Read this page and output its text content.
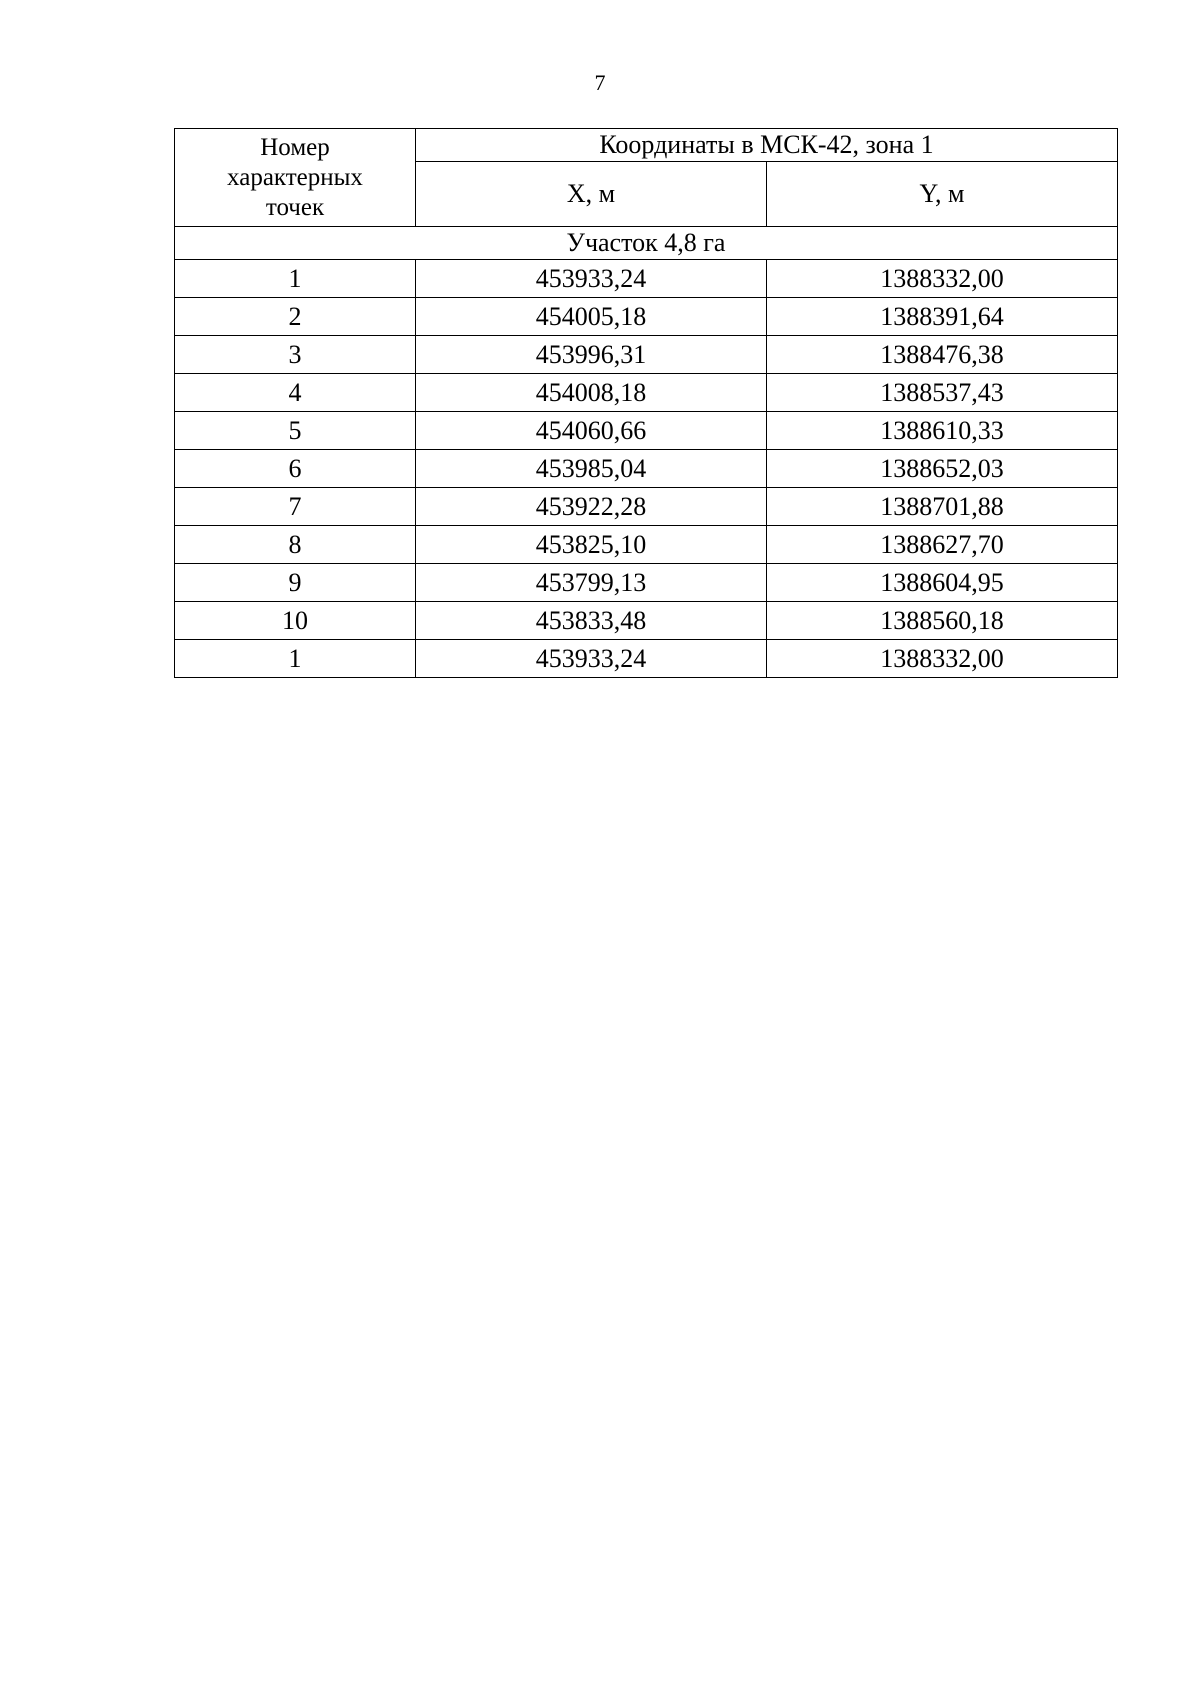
7
Номер
характерных
точек	Координаты в МСК-42, зона 1	
	X, м	Y, м
Участок 4,8 га		
1	453933,24	1388332,00
2	454005,18	1388391,64
3	453996,31	1388476,38
4	454008,18	1388537,43
5	454060,66	1388610,33
6	453985,04	1388652,03
7	453922,28	1388701,88
8	453825,10	1388627,70
9	453799,13	1388604,95
10	453833,48	1388560,18
1	453933,24	1388332,00
